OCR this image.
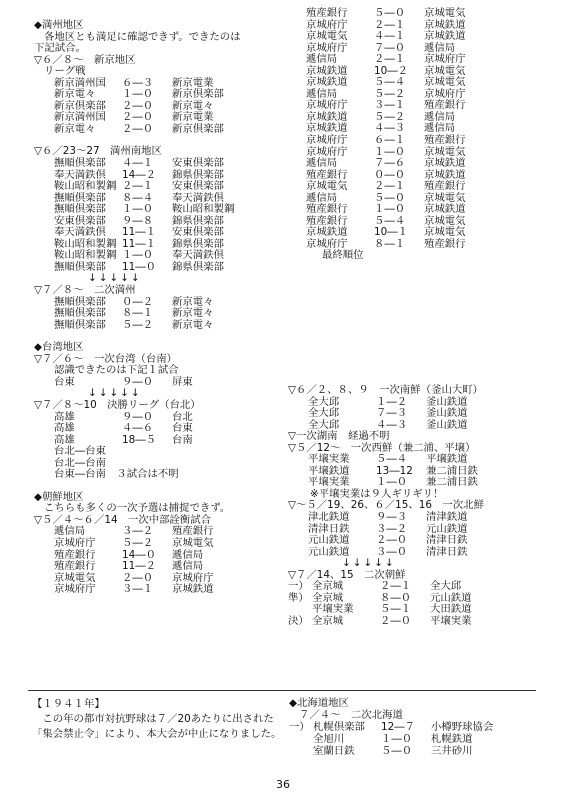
◆満州地区
各地区とも満足に確認できず。できたのは
下記試合。
▽６／８～　新京地区
リーグ戦
新京満州国	６―３	新京電業
新京電々	１―０	新京倶楽部
新京倶楽部	２―０	新京電々
新京満州国	２―０	新京電業
新京電々	２―０	新京倶楽部
▽６／23～27　満州南地区
撫順倶楽部	４―１	安東倶楽部
奉天満鉄倶	14―２	錦県倶楽部
鞍山昭和製鋼 ２―１	安東倶楽部
撫順倶楽部	８―４	奉天満鉄倶
撫順倶楽部	１―０	鞍山昭和製鋼
安東倶楽部	９―８	錦県倶楽部
奉天満鉄倶	11―１	安東倶楽部
鞍山昭和製鋼 11―１	錦県倶楽部
鞍山昭和製鋼 １―０	奉天満鉄倶
撫順倶楽部	11―０	錦県倶楽部
↓↓↓↓↓
▽７／８～　二次満州
撫順倶楽部	０―２	新京電々
撫順倶楽部	８―１	新京電々
撫順倶楽部	５―２	新京電々
◆台湾地区
▽７／６～　一次台湾（台南）
認識できたのは下記１試合
台東	９―０	屏東
↓↓↓↓↓
▽７／８～10　決勝リーグ（台北）
高雄	９―０	台北
高雄	４―６	台東
高雄	18―５	台南
台北―台東
台北―台南
台東―台南　３試合は不明
◆朝鮮地区
こちらも多くの一次予選は捕捉できず。
▽５／４～６／14　一次中部詮衡試合
遞信局	３―２	殖産銀行
京城府庁	５―２	京城電気
殖産銀行	14―０	遞信局
殖産銀行	11―２	遞信局
京城電気	２―０	京城府庁
京城府庁	３―１	京城鉄道
殖産銀行	５―０	京城電気
京城府庁	２―１	京城鉄道
京城電気	４―１	京城鉄道
京城府庁	７―０	遞信局
遞信局	２―１	京城府庁
京城鉄道	10―２	京城電気
京城鉄道	５―４	京城電気
遞信局	５―２	京城府庁
京城府庁	３―１	殖産銀行
京城鉄道	５―２	遞信局
京城鉄道	４―３	遞信局
京城府庁	６―１	殖産銀行
京城府庁	１―０	京城電気
遞信局	７―６	京城鉄道
殖産銀行	０―０	京城鉄道
京城電気	２―１	殖産銀行
遞信局	５―０	京城電気
殖産銀行	１―０	京城鉄道
殖産銀行	５―４	京城電気
京城鉄道	10―１	京城電気
京城府庁	８―１	殖産銀行
最終順位
▽６／２、８、９　一次南鮮（釜山大町）
全大邱	１―２	釜山鉄道
全大邱	７―３	釜山鉄道
全大邱	４―３	釜山鉄道
▽一次湖南　経過不明
▽５／12～　一次西鮮（兼二浦、平壌）
平壌実業	５―４	平壌鉄道
平壌鉄道	13―12	兼二浦日鉄
平壌実業	１―０	兼二浦日鉄
※平壌実業は９人ギリギリ！
▽～５／19、26、６／15、16　一次北鮮
津北鉄道	９―３	清津鉄道
清津日鉄	３―２	元山鉄道
元山鉄道	２―０	清津日鉄
元山鉄道	３―０	清津日鉄
↓↓↓↓↓
▽７／14、15　二次朝鮮
一） 全京城	２―１	全大邱
準） 全京城	８―０	元山鉄道
平壌実業	５―１	大田鉄道
決） 全京城	２―０	平壌実業
【１９４１年】

この年の都市対抗野球は７／20あたりに出された「集会禁止令」により、本大会が中止になりました。

◆北海道地区
７／４～　二次北海道
一） 札幌倶楽部	12―７	小樽野球協会
全旭川	１―０	札幌鉄道
室蘭日鉄	５―０	三井砂川
36
